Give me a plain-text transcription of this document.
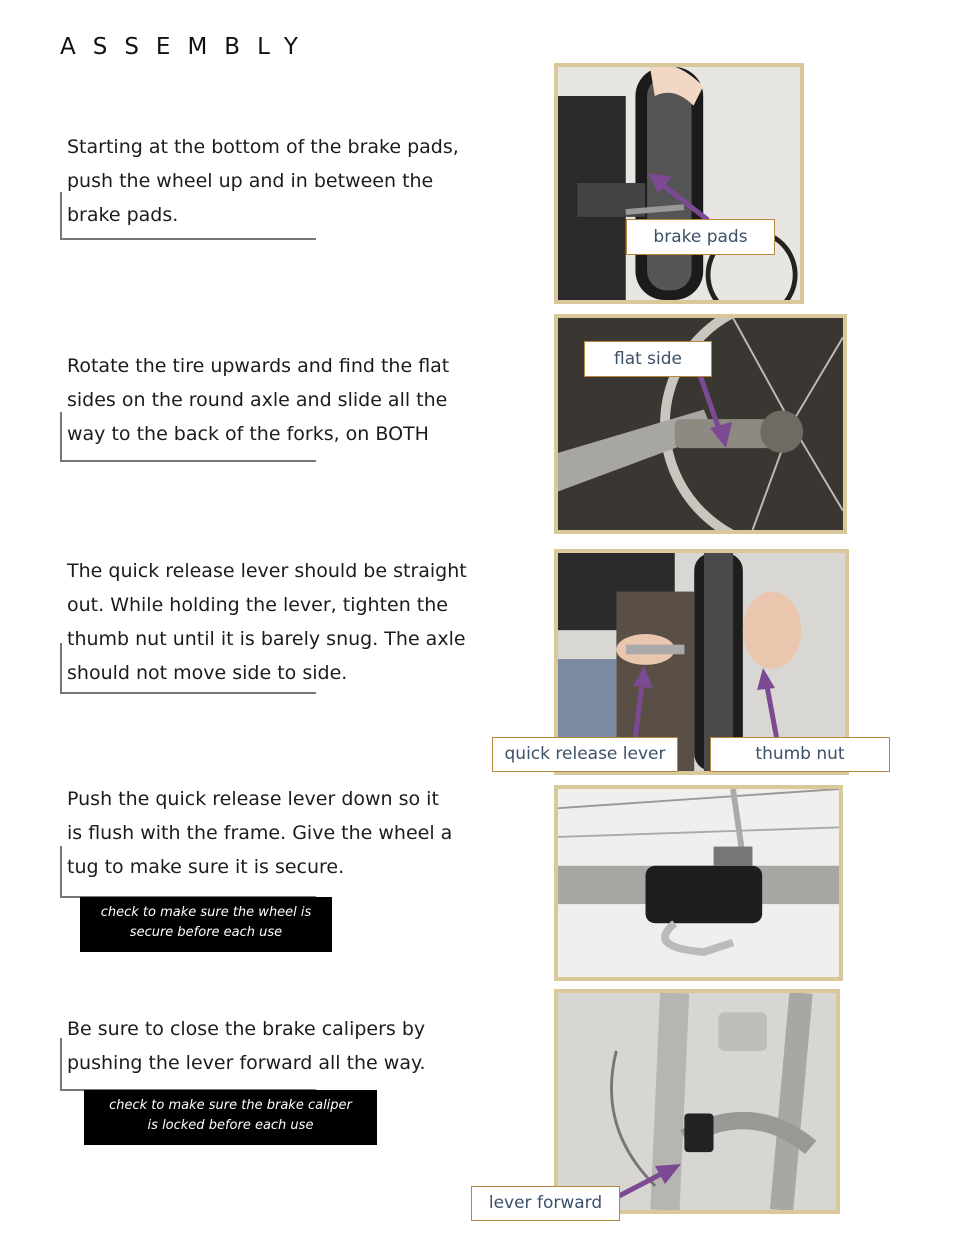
ASSEMBLY
Starting at the bottom of the brake pads,
push the wheel up and in between the
brake pads.
brake pads
Rotate the tire upwards and find the flat
sides on the round axle and slide all the
way to the back of the forks, on BOTH
flat side
The quick release lever should be straight
out. While holding the lever, tighten the
thumb nut until it is barely snug. The axle
should not move side to side.
quick release lever	thumb nut
Push the quick release lever down so it
is flush with the frame. Give the wheel a
tug to make sure it is secure.
check to make sure the wheel is
secure before each use
Be sure to close the brake calipers by
pushing the lever forward all the way.
check to make sure the brake caliper
is locked before each use
lever forward
